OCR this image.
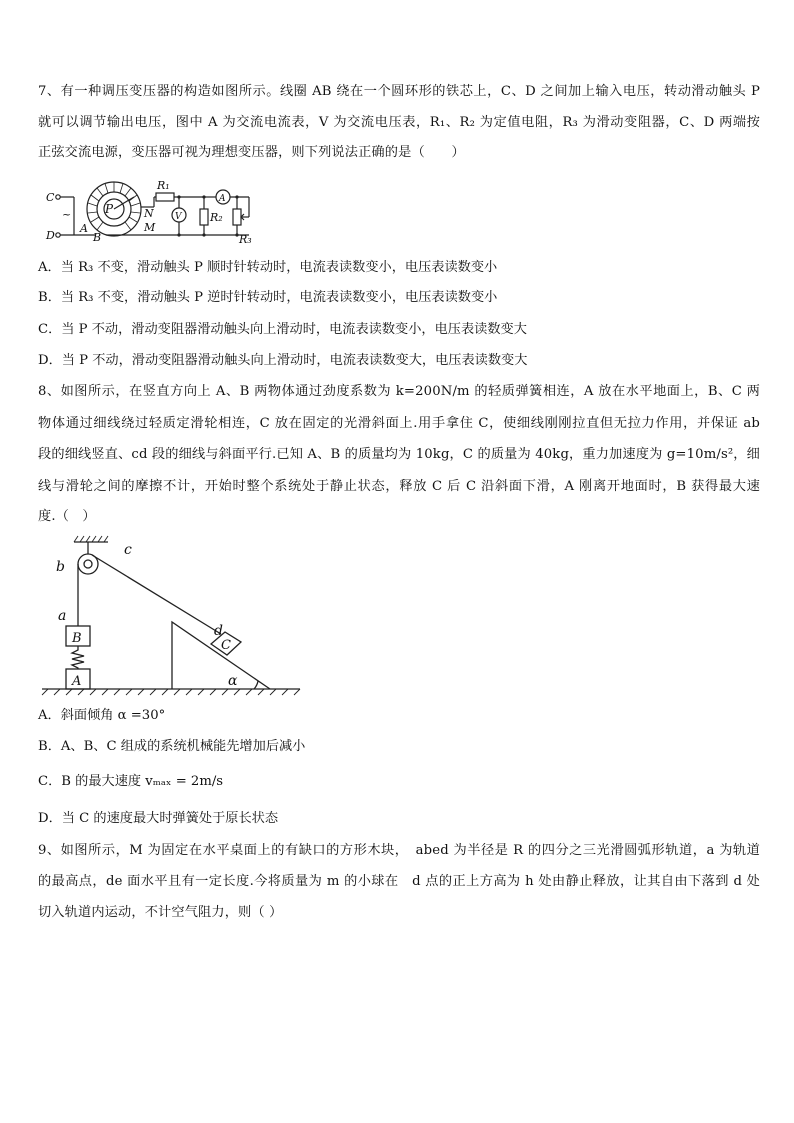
7、有一种调压变压器的构造如图所示。线圈 AB 绕在一个圆环形的铁芯上，C、D 之间加上输入电压，转动滑动触头 P
就可以调节输出电压，图中 A 为交流电流表，V 为交流电压表，R₁、R₂ 为定值电阻，R₃ 为滑动变阻器，C、D 两端按
正弦交流电源，变压器可视为理想变压器，则下列说法正确的是（　　）
C
D
~
A
B
P	N
M
R₁
V	R₂
A
R₃
A．当 R₃ 不变，滑动触头 P 顺时针转动时，电流表读数变小，电压表读数变小
B．当 R₃ 不变，滑动触头 P 逆时针转动时，电流表读数变小，电压表读数变小
C．当 P 不动，滑动变阻器滑动触头向上滑动时，电流表读数变小，电压表读数变大
D．当 P 不动，滑动变阻器滑动触头向上滑动时，电流表读数变大，电压表读数变大
8、如图所示，在竖直方向上 A、B 两物体通过劲度系数为 k=200N/m 的轻质弹簧相连，A 放在水平地面上，B、C 两
物体通过细线绕过轻质定滑轮相连，C 放在固定的光滑斜面上.用手拿住 C，使细线刚刚拉直但无拉力作用，并保证 ab
段的细线竖直、cd 段的细线与斜面平行.已知 A、B 的质量均为 10kg，C 的质量为 40kg，重力加速度为 g=10m/s²，细
线与滑轮之间的摩擦不计，开始时整个系统处于静止状态，释放 C 后 C 沿斜面下滑，A 刚离开地面时，B 获得最大速
度.（　）
c
b
a
d
B
A
C
α
A．斜面倾角 α =30°
B．A、B、C 组成的系统机械能先增加后减小
C．B 的最大速度 vₘₐₓ = 2m/s
D．当 C 的速度最大时弹簧处于原长状态
9、如图所示，M 为固定在水平桌面上的有缺口的方形木块，　abed 为半径是 R 的四分之三光滑圆弧形轨道，a 为轨道
的最高点，de 面水平且有一定长度.今将质量为 m 的小球在　d 点的正上方高为 h 处由静止释放，让其自由下落到 d 处
切入轨道内运动，不计空气阻力，则（ ）
